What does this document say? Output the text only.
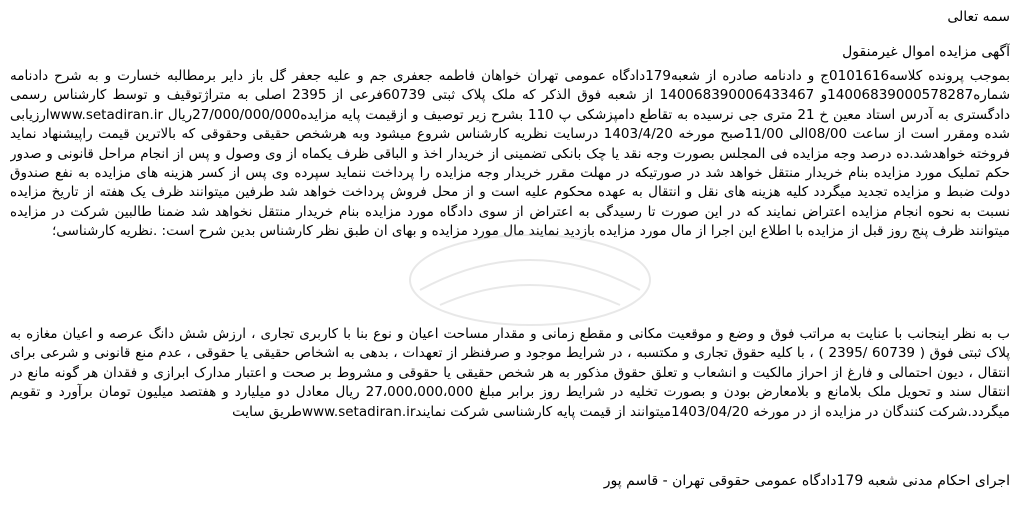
سمه تعالی

آگهی مزایده اموال غیرمنقول

بموجب پرونده کلاسه0101616ج و دادنامه صادره از شعبه179دادگاه عمومی تهران خواهان فاطمه جعفری جم و علیه جعفر گل باز دایر برمطالبه خسارت و به شرح دادنامه شماره14006839000578287و 140068390006433467 از شعبه فوق الذکر که ملک پلاک ثبتی 60739فرعی از 2395 اصلی به متراژتوقیف و توسط کارشناس رسمی دادگستری به آدرس استاد معین خ 21 متری جی نرسیده به تقاطع دامپزشکی پ 110 بشرح زیر توصیف و ازقیمت پایه مزایده27/000/000/000ریال www.setadiran.irارزیابی شده ومقرر است از ساعت 08/00الی 11/00صبح مورخه 1403/4/20 درسایت نظریه کارشناس شروع میشود وبه هرشخص حقیقی وحقوقی که بالاترین قیمت راپیشنهاد نماید فروخته خواهدشد.ده درصد وجه مزایده فی المجلس بصورت وجه نقد یا چک بانکی تضمینی از خریدار اخذ و الباقی ظرف یکماه از وی وصول و پس از انجام مراحل قانونی و صدور حکم تملیک مورد مزایده بنام خریدار منتقل خواهد شد در صورتیکه در مهلت مقرر خریدار وجه مزایده را پرداخت ننماید سپرده وی پس از کسر هزینه های مزایده به نفع صندوق دولت ضبط و مزایده تجدید میگردد کلیه هزینه های نقل و انتقال به عهده محکوم علیه است و از محل فروش پرداخت خواهد شد طرفین میتوانند ظرف یک هفته از تاریخ مزایده نسبت به نحوه انجام مزایده اعتراض نمایند که در این صورت تا رسیدگی به اعتراض از سوی دادگاه مورد مزایده بنام خریدار منتقل نخواهد شد ضمنا طالبین شرکت در مزایده میتوانند ظرف پنج روز قبل از مزایده با اطلاع این اجرا از مال مورد مزایده بازدید نمایند مال مورد مزایده و بهای ان طبق نظر کارشناس بدین شرح است: .نظریه کارشناسی؛

ب به نظر اینجانب با عنایت به مراتب فوق و وضع و موقعیت مکانی و مقطع زمانی و مقدار مساحت اعیان و نوع بنا با کاربری تجاری ، ارزش شش دانگ عرصه و اعیان مغازه به پلاک ثبتی فوق ( 60739 /2395 ) ، با کلیه حقوق تجاری و مکتسبه ، در شرایط موجود و صرفنظر از تعهدات ، بدهی به اشخاص حقیقی یا حقوقی ، عدم منع قانونی و شرعی برای انتقال ، دیون احتمالی و فارغ از احراز مالکیت و انشعاب و تعلق حقوق مذکور به هر شخص حقیقی یا حقوقی و مشروط بر صحت و اعتبار مدارک ابرازی و فقدان هر گونه مانع در انتقال سند و تحویل ملک بلامانع و بلامعارض بودن و بصورت تخلیه در شرایط روز برابر مبلغ 27،000،000،000 ریال معادل دو میلیارد و هفتصد میلیون تومان برآورد و تقویم میگردد.شرکت کنندگان در مزایده از در مورخه 1403/04/20میتوانند از قیمت پایه کارشناسی شرکت نمایندwww.setadiran.irطریق سایت

اجرای احکام مدنی شعبه 179دادگاه عمومی حقوقی تهران - قاسم پور
